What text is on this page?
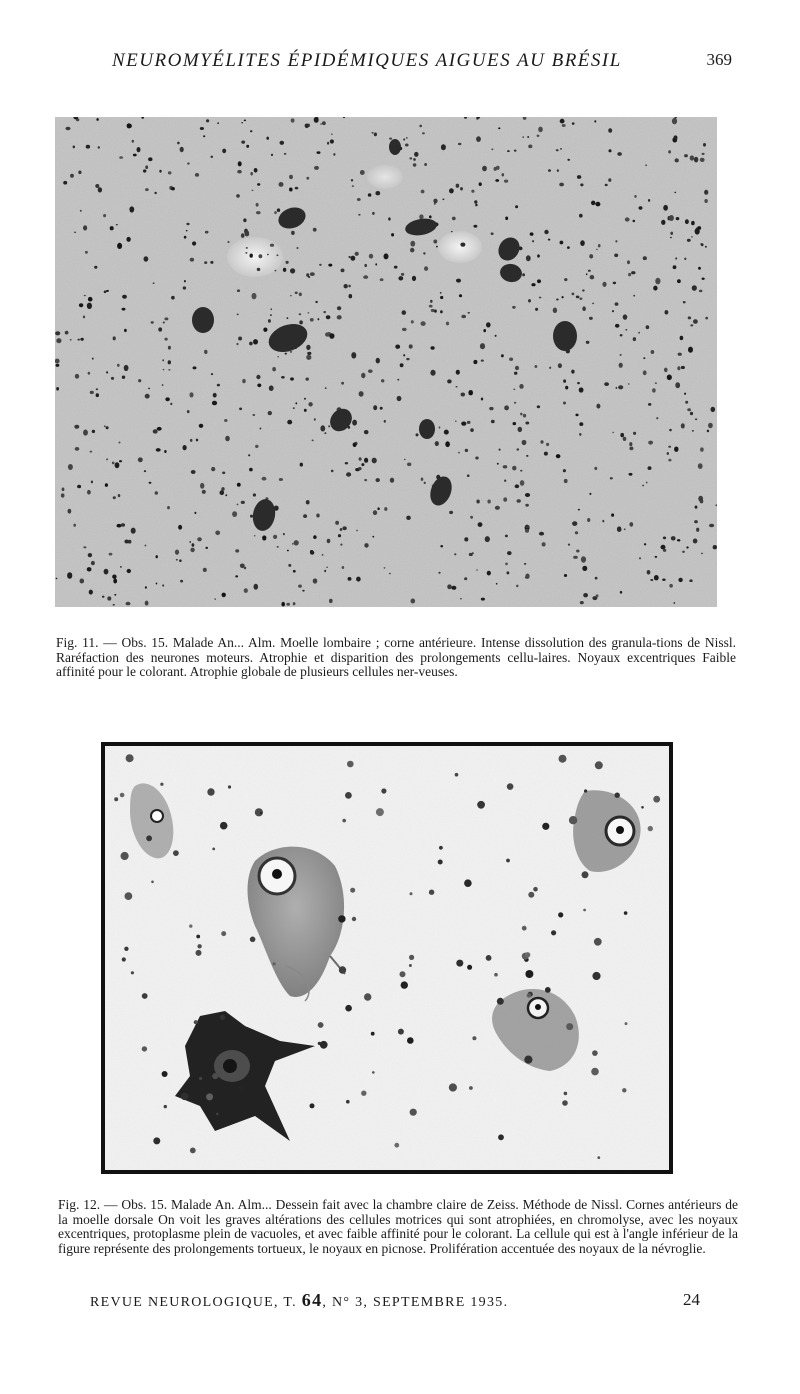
NEUROMYÉLITES ÉPIDÉMIQUES AIGUES AU BRÉSIL	369
Fig. 11. — Obs. 15. Malade An... Alm. Moelle lombaire ; corne antérieure. Intense dissolution des granula-tions de Nissl. Raréfaction des neurones moteurs. Atrophie et disparition des prolongements cellu-laires. Noyaux excentriques Faible affinité pour le colorant. Atrophie globale de plusieurs cellules ner-veuses.
Fig. 12. — Obs. 15. Malade An. Alm... Dessein fait avec la chambre claire de Zeiss. Méthode de Nissl. Cornes antérieurs de la moelle dorsale On voit les graves altérations des cellules motrices qui sont atrophiées, en chromolyse, avec les noyaux excentriques, protoplasme plein de vacuoles, et avec faible affinité pour le colorant. La cellule qui est à l'angle inférieur de la figure représente des prolongements tortueux, le noyaux en picnose. Prolifération accentuée des noyaux de la névroglie.
REVUE NEUROLOGIQUE, T. 64, N° 3, SEPTEMBRE 1935.	24
